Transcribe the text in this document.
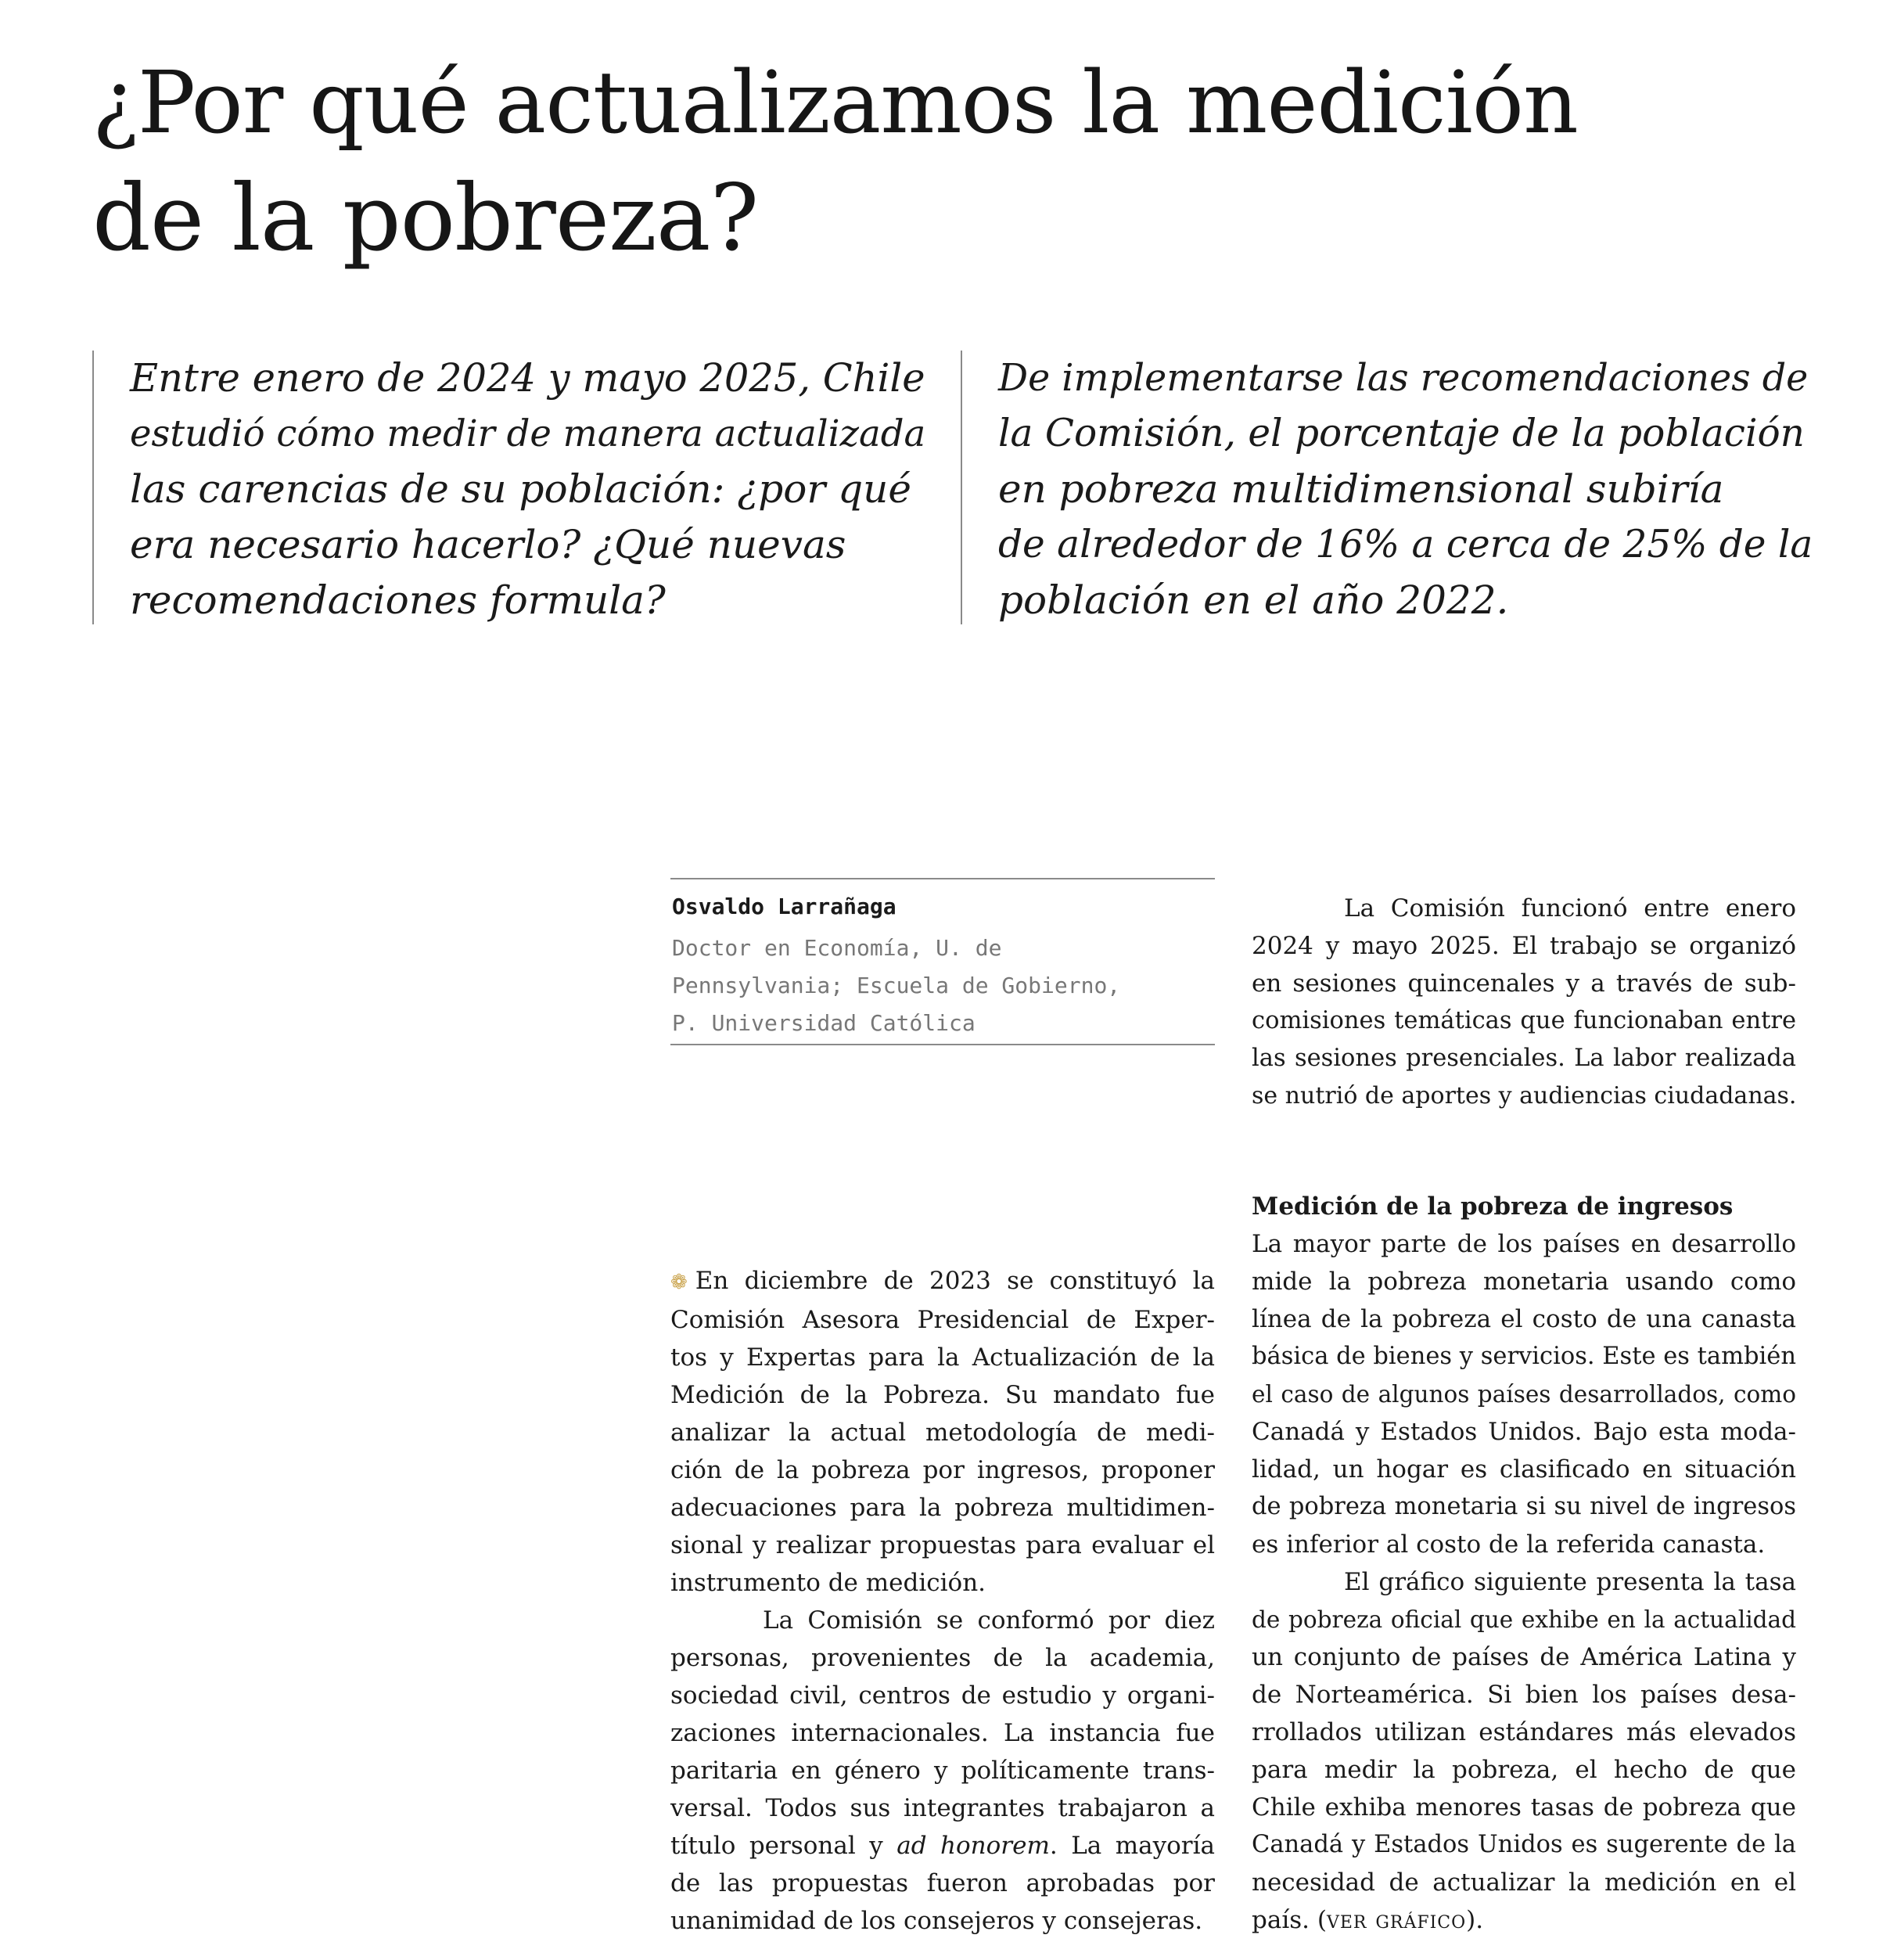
¿Por qué actualizamos la medición
de la pobreza?
Entre enero de 2024 y mayo 2025, Chile
estudió cómo medir de manera actualizada
las carencias de su población: ¿por qué
era necesario hacerlo? ¿Qué nuevas
recomendaciones formula?
De implementarse las recomendaciones de
la Comisión, el porcentaje de la población
en pobreza multidimensional subiría
de alrededor de 16% a cerca de 25% de la
población en el año 2022.
Osvaldo Larrañaga
Doctor en Economía, U. de
Pennsylvania; Escuela de Gobierno,
P. Universidad Católica
❁ En diciembre de 2023 se constituyó la
Comisión Asesora Presidencial de Exper-
tos y Expertas para la Actualización de la
Medición de la Pobreza. Su mandato fue
analizar la actual metodología de medi-
ción de la pobreza por ingresos, proponer
adecuaciones para la pobreza multidimen-
sional y realizar propuestas para evaluar el
instrumento de medición.
La Comisión se conformó por diez
personas, provenientes de la academia,
sociedad civil, centros de estudio y organi-
zaciones internacionales. La instancia fue
paritaria en género y políticamente trans-
versal. Todos sus integrantes trabajaron a
título personal y ad honorem. La mayoría
de las propuestas fueron aprobadas por
unanimidad de los consejeros y consejeras.
La Comisión funcionó entre enero
2024 y mayo 2025. El trabajo se organizó
en sesiones quincenales y a través de sub-
comisiones temáticas que funcionaban entre
las sesiones presenciales. La labor realizada
se nutrió de aportes y audiencias ciudadanas.
Medición de la pobreza de ingresos
La mayor parte de los países en desarrollo
mide la pobreza monetaria usando como
línea de la pobreza el costo de una canasta
básica de bienes y servicios. Este es también
el caso de algunos países desarrollados, como
Canadá y Estados Unidos. Bajo esta moda-
lidad, un hogar es clasificado en situación
de pobreza monetaria si su nivel de ingresos
es inferior al costo de la referida canasta.
El gráfico siguiente presenta la tasa
de pobreza oficial que exhibe en la actualidad
un conjunto de países de América Latina y
de Norteamérica. Si bien los países desa-
rrollados utilizan estándares más elevados
para medir la pobreza, el hecho de que
Chile exhiba menores tasas de pobreza que
Canadá y Estados Unidos es sugerente de la
necesidad de actualizar la medición en el
país. (ver gráfico).
